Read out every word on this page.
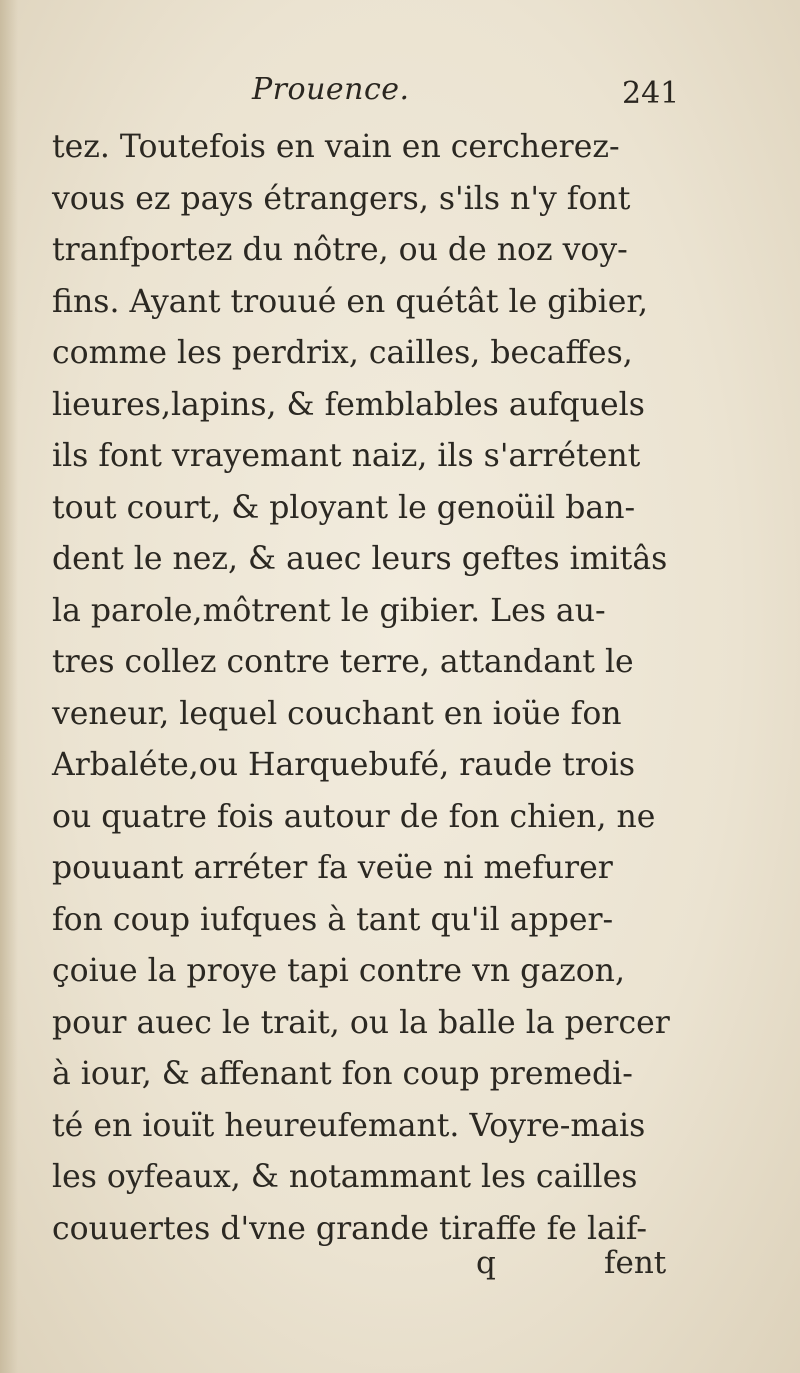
Prouence.	241
tez. Toutefois en vain en cercherez-
vous ez pays étrangers, s'ils n'y font
tranfportez du nôtre, ou de noz voy-
fins. Ayant trouué en quétât le gibier,
comme les perdrix, cailles, becaffes,
lieures,lapins, & femblables aufquels
ils font vrayemant naiz, ils s'arrétent
tout court, & ployant le genoüil ban-
dent le nez, & auec leurs geftes imitâs
la parole,môtrent le gibier. Les au-
tres collez contre terre, attandant le
veneur, lequel couchant en ioüe fon
Arbaléte,ou Harquebufé, raude trois
ou quatre fois autour de fon chien, ne
pouuant arréter fa veüe ni mefurer
fon coup iufques à tant qu'il apper-
çoiue la proye tapi contre vn gazon,
pour auec le trait, ou la balle la percer
à iour, & affenant fon coup premedi-
té en iouït heureufemant. Voyre-mais
les oyfeaux, & notammant les cailles
couuertes d'vne grande tiraffe fe laif-
q	fent
